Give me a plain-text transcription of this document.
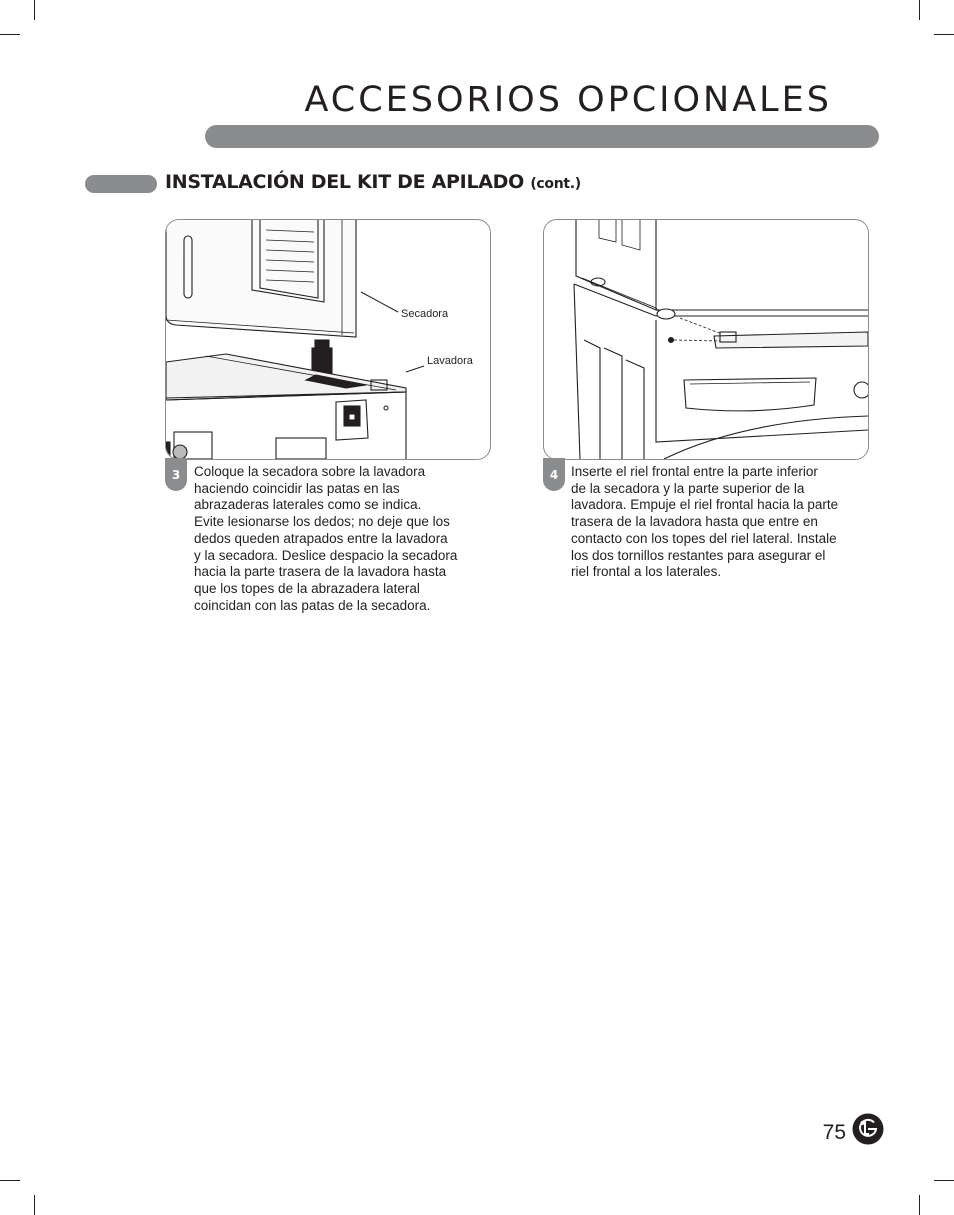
ACCESORIOS OPCIONALES
INSTALACIÓN DEL KIT DE APILADO (cont.)
Secadora
Lavadora
3	Coloque la secadora sobre la lavadora
haciendo coincidir las patas en las
abrazaderas laterales como se indica.
Evite lesionarse los dedos; no deje que los
dedos queden atrapados entre la lavadora
y la secadora. Deslice despacio la secadora
hacia la parte trasera de la lavadora hasta
que los topes de la abrazadera lateral
coincidan con las patas de la secadora.

4 Inserte el riel frontal entre la parte inferior
de la secadora y la parte superior de la
lavadora. Empuje el riel frontal hacia la parte
trasera de la lavadora hasta que entre en
contacto con los topes del riel lateral. Instale
los dos tornillos restantes para asegurar el
riel frontal a los laterales.

75
